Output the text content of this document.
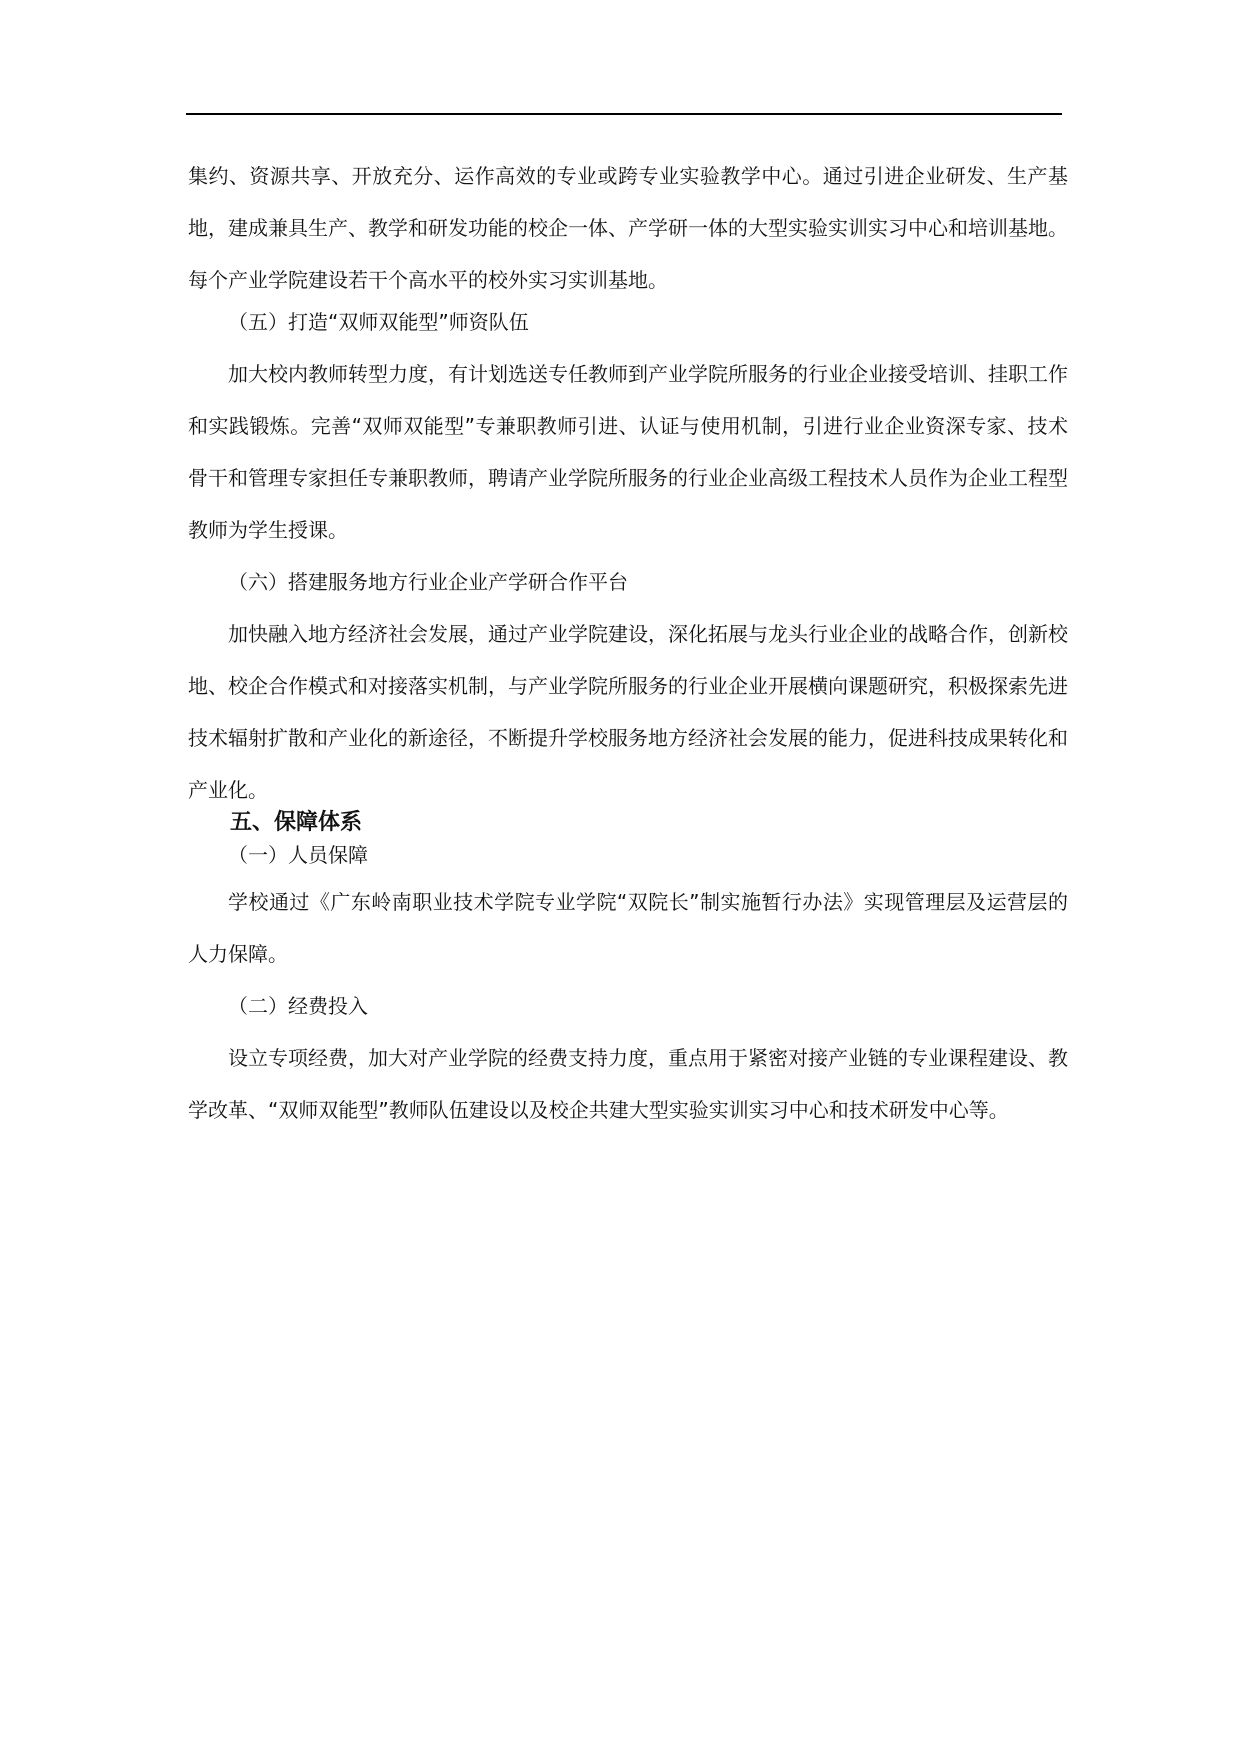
集约、资源共享、开放充分、运作高效的专业或跨专业实验教学中心。通过引进企业研发、生产基地，建成兼具生产、教学和研发功能的校企一体、产学研一体的大型实验实训实习中心和培训基地。 每个产业学院建设若干个高水平的校外实习实训基地。

（五）打造“双师双能型”师资队伍

加大校内教师转型力度，有计划选送专任教师到产业学院所服务的行业企业接受培训、挂职工作和实践锻炼。完善“双师双能型”专兼职教师引进、认证与使用机制，引进行业企业资深专家、技术骨干和管理专家担任专兼职教师，聘请产业学院所服务的行业企业高级工程技术人员作为企业工程型教师为学生授课。

（六）搭建服务地方行业企业产学研合作平台

加快融入地方经济社会发展，通过产业学院建设，深化拓展与龙头行业企业的战略合作，创新校地、校企合作模式和对接落实机制，与产业学院所服务的行业企业开展横向课题研究，积极探索先进技术辐射扩散和产业化的新途径，不断提升学校服务地方经济社会发展的能力，促进科技成果转化和产业化。

五、保障体系

（一）人员保障

学校通过《广东岭南职业技术学院专业学院“双院长”制实施暂行办法》实现管理层及运营层的人力保障。

（二）经费投入

设立专项经费，加大对产业学院的经费支持力度，重点用于紧密对接产业链的专业课程建设、教学改革、“双师双能型”教师队伍建设以及校企共建大型实验实训实习中心和技术研发中心等。
